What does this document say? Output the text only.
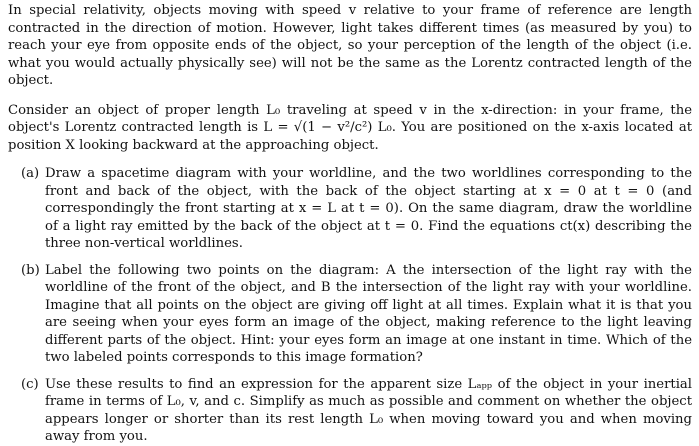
In special relativity, objects moving with speed v relative to your frame of reference are length contracted in the direction of motion. However, light takes different times (as measured by you) to reach your eye from opposite ends of the object, so your perception of the length of the object (i.e. what you would actually physically see) will not be the same as the Lorentz contracted length of the object.

Consider an object of proper length L₀ traveling at speed v in the x-direction: in your frame, the object's Lorentz contracted length is L = √(1 − v²/c²) L₀. You are positioned on the x-axis located at position X looking backward at the approaching object.

(a) Draw a spacetime diagram with your worldline, and the two worldlines corresponding to the front and back of the object, with the back of the object starting at x = 0 at t = 0 (and correspondingly the front starting at x = L at t = 0). On the same diagram, draw the worldline of a light ray emitted by the back of the object at t = 0. Find the equations ct(x) describing the three non-vertical worldlines.
(b) Label the following two points on the diagram: A the intersection of the light ray with the worldline of the front of the object, and B the intersection of the light ray with your worldline. Imagine that all points on the object are giving off light at all times. Explain what it is that you are seeing when your eyes form an image of the object, making reference to the light leaving different parts of the object. Hint: your eyes form an image at one instant in time. Which of the two labeled points corresponds to this image formation?
(c) Use these results to find an expression for the apparent size Lₐₚₚ of the object in your inertial frame in terms of L₀, v, and c. Simplify as much as possible and comment on whether the object appears longer or shorter than its rest length L₀ when moving toward you and when moving away from you.
